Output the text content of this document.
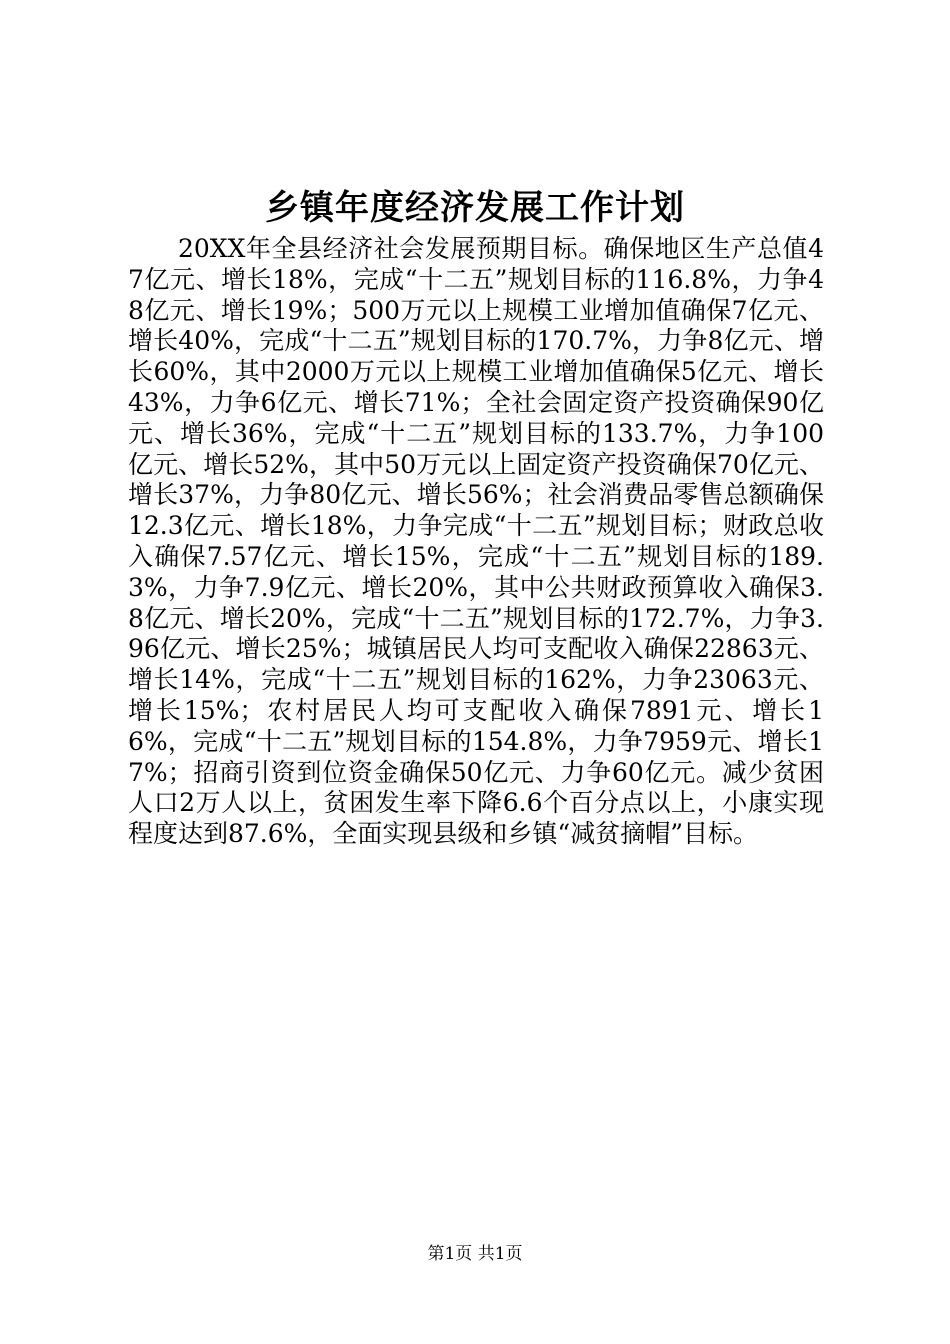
乡镇年度经济发展工作计划

20XX年全县经济社会发展预期目标。确保地区生产总值47亿元、增长18%，完成“十二五”规划目标的116.8%，力争48亿元、增长19%；500万元以上规模工业增加值确保7亿元、增长40%，完成“十二五”规划目标的170.7%，力争8亿元、增长60%，其中2000万元以上规模工业增加值确保5亿元、增长43%，力争6亿元、增长71%；全社会固定资产投资确保90亿元、增长36%，完成“十二五”规划目标的133.7%，力争100亿元、增长52%，其中50万元以上固定资产投资确保70亿元、增长37%，力争80亿元、增长56%；社会消费品零售总额确保12.3亿元、增长18%，力争完成“十二五”规划目标；财政总收入确保7.57亿元、增长15%，完成“十二五”规划目标的189.3%，力争7.9亿元、增长20%，其中公共财政预算收入确保3.8亿元、增长20%，完成“十二五”规划目标的172.7%，力争3.96亿元、增长25%；城镇居民人均可支配收入确保22863元、增长14%，完成“十二五”规划目标的162%，力争23063元、增长15%；农村居民人均可支配收入确保7891元、增长16%，完成“十二五”规划目标的154.8%，力争7959元、增长17%；招商引资到位资金确保50亿元、力争60亿元。减少贫困人口2万人以上，贫困发生率下降6.6个百分点以上，小康实现程度达到87.6%，全面实现县级和乡镇“减贫摘帽”目标。

第1页 共1页
